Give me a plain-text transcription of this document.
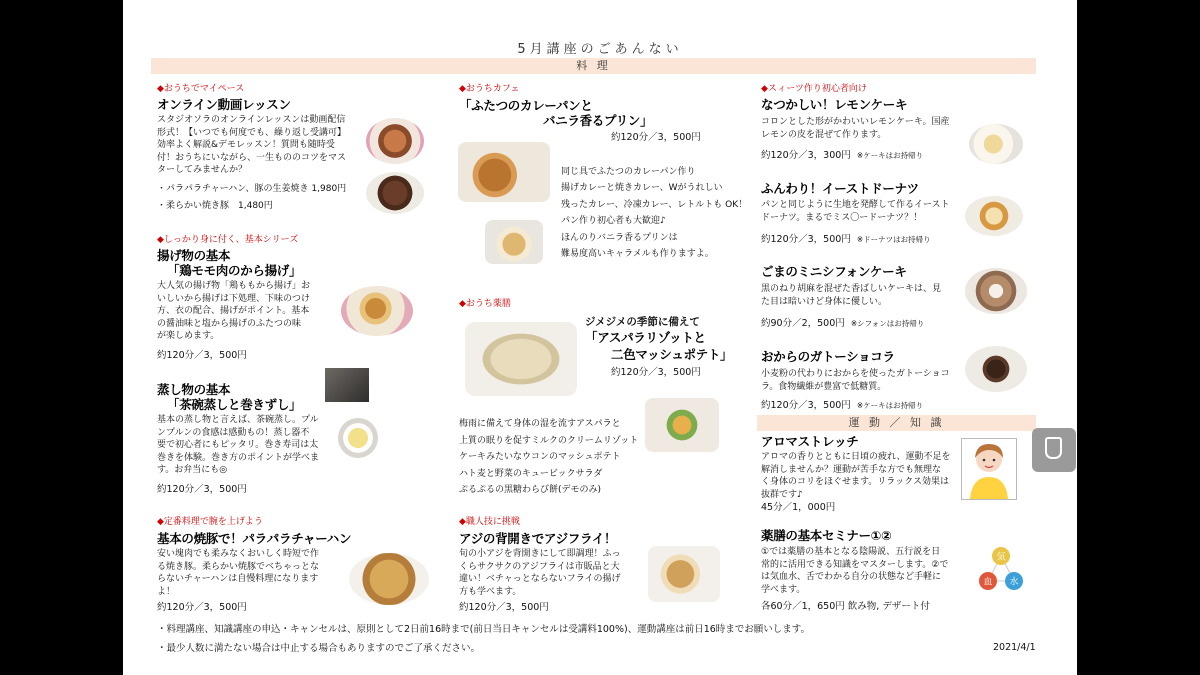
5月講座のごあんない
料 理
◆おうちでマイペース
オンライン動画レッスン
スタジオソラのオンラインレッスンは動画配信
形式！【いつでも何度でも、繰り返し受講可】
効率よく解説&デモレッスン！質問も随時受
付！おうちにいながら、一生もののコツをマス
ターしてみませんか？
・パラパラチャーハン、豚の生姜焼き 1,980円
・柔らかい焼き豚　1,480円
◆しっかり身に付く、基本シリーズ
揚げ物の基本
「鶏モモ肉のから揚げ」
大人気の揚げ物「鶏ももから揚げ」お
いしいから揚げは下処理、下味のつけ
方、衣の配合、揚げがポイント。基本
の醤油味と塩から揚げのふたつの味
が楽しめます。
約120分／3，500円
蒸し物の基本
「茶碗蒸しと巻きずし」
基本の蒸し物と言えば、茶碗蒸し。プル
ンプルンの食感は感動もの！蒸し器不
要で初心者にもピッタリ。巻き寿司は太
巻きを体験。巻き方のポイントが学べま
す。お弁当にも◎
約120分／3，500円
◆定番料理で腕を上げよう
基本の焼豚で！パラパラチャーハン
安い塊肉でも柔みなくおいしく時短で作
る焼き豚。柔らかい焼豚でベちゃっとな
らないチャーハンは自慢料理になります
よ！
約120分／3，500円
◆おうちカフェ
「ふたつのカレーパンと
バニラ香るプリン」
約120分／3，500円
同じ具でふたつのカレーパン作り
揚げカレーと焼きカレー、Wがうれしい
残ったカレー、冷凍カレー、レトルトも OK！
パン作り初心者も大歓迎♪
ほんのりバニラ香るプリンは
難易度高いキャラメルも作りますよ。
◆おうち薬膳
ジメジメの季節に備えて
「アスパラリゾットと
二色マッシュポテト」
約120分／3，500円
梅雨に備えて身体の湿を流すアスパラと
上質の眠りを促すミルクのクリームリゾット
ケーキみたいなウコンのマッシュポテト
ハト麦と野菜のキュービックサラダ
ぷるぷるの黒糖わらび餅(デモのみ)
◆職人技に挑戦
アジの背開きでアジフライ！
旬の小アジを背開きにして即調理！ふっ
くらサクサクのアジフライは市販品と大
違い！ベチャっとならないフライの揚げ
方も学べます。
約120分／3，500円
◆スィーツ作り初心者向け
なつかしい！レモンケーキ
コロンとした形がかわいいレモンケーキ。国産
レモンの皮を混ぜて作ります。
約120分／3，300円 ※ケーキはお持帰り
ふんわり！イーストドーナツ
パンと同じように生地を発酵して作るイースト
ドーナツ。まるでミス〇ードーナツ？！
約120分／3，500円 ※ドーナツはお持帰り
ごまのミニシフォンケーキ
黒のねり胡麻を混ぜた香ばしいケーキは、見
た目は暗いけど身体に優しい。
約90分／2，500円 ※シフォンはお持帰り
おからのガトーショコラ
小麦粉の代わりにおからを使ったガトーショコ
ラ。食物繊維が豊富で低糖質。
約120分／3，500円 ※ケーキはお持帰り
運 動 ／ 知 識
アロマストレッチ
アロマの香りとともに日頃の疲れ、運動不足を
解消しませんか？運動が苦手な方でも無理な
く身体のコリをほぐせます。リラックス効果は
抜群です♪
45分／1，000円
薬膳の基本セミナー①②
①では薬膳の基本となる陰陽説、五行説を日
常的に活用できる知識をマスターします。②で
は気血水、舌でわかる自分の状態など手軽に
学べます。
各60分／1，650円 飲み物, デザート付
気
血 水
・料理講座、知識講座の申込・キャンセルは、原則として2日前16時まで(前日当日キャンセルは受講料100%)、運動講座は前日16時までお願いします。
・最少人数に満たない場合は中止する場合もありますのでご了承ください。	2021/4/1
